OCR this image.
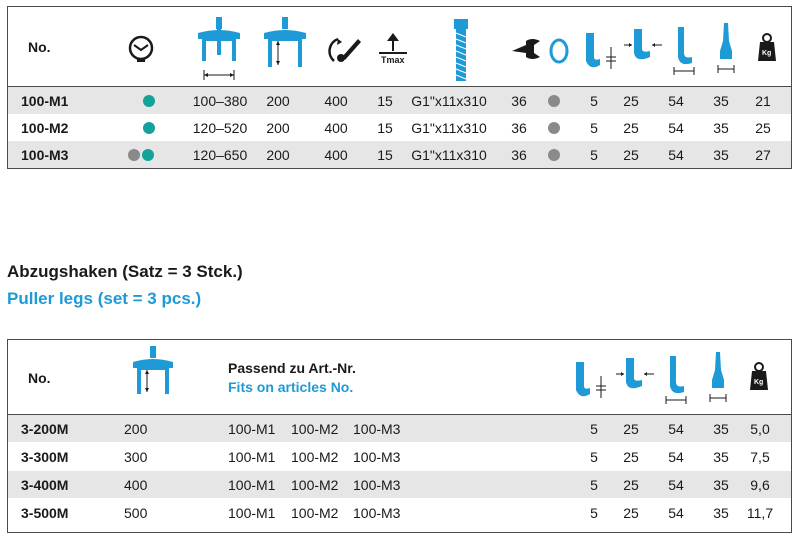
No.
Tmax
Kg
100-M1	100–380 200 400 15 G1"x11x310 36	5 25 54 35 21
100-M2	120–520 200 400 15 G1"x11x310 36	5 25 54 35 25
100-M3	120–650 200 400 15 G1"x11x310 36	5 25 54 35 27
Abzugshaken (Satz = 3 Stck.)
Puller legs (set = 3 pcs.)
No.
Passend zu Art.-Nr.
Fits on articles No.	Kg
3-200M	200	100-M1 100-M2 100-M3	5 25 54 35 5,0
3-300M	300	100-M1 100-M2 100-M3	5 25 54 35 7,5
3-400M	400	100-M1 100-M2 100-M3	5 25 54 35 9,6
3-500M	500	100-M1 100-M2 100-M3	5 25 54 35 11,7
